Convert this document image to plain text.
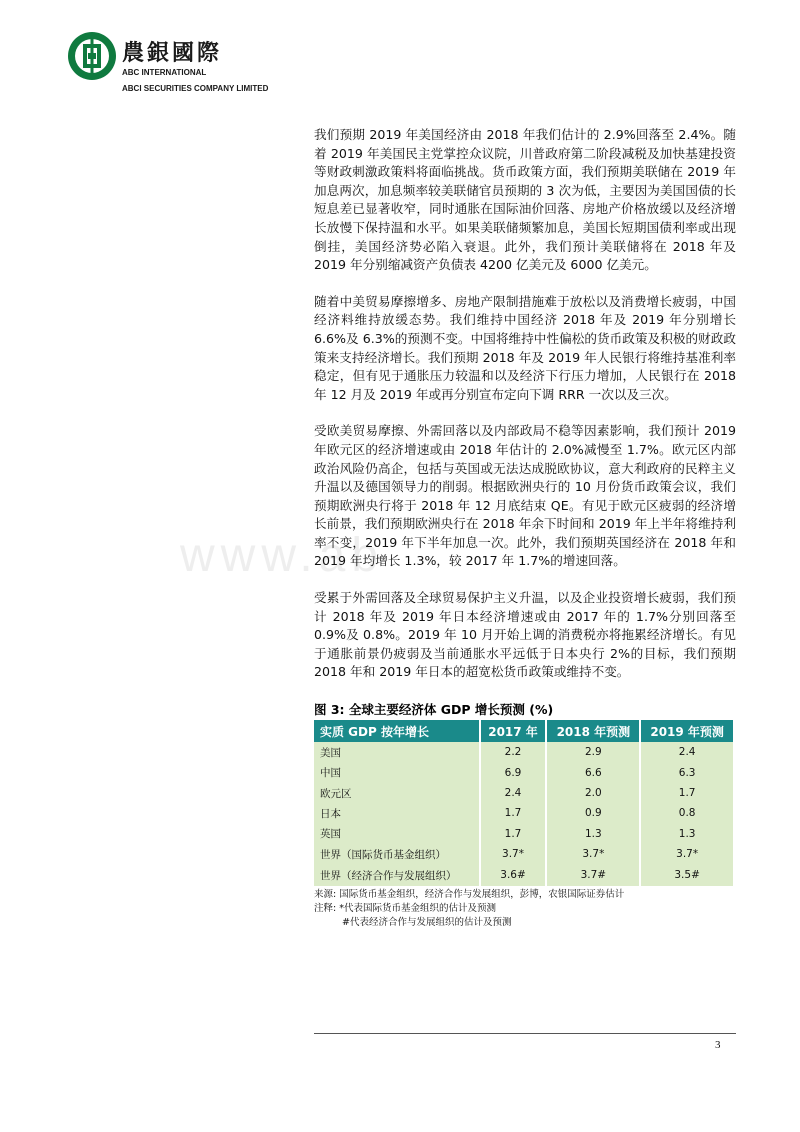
農銀國際
ABC INTERNATIONAL
ABCI SECURITIES COMPANY LIMITED
www.ab

我们预期 2019 年美国经济由 2018 年我们估计的 2.9%回落至 2.4%。随着 2019 年美国民主党掌控众议院，川普政府第二阶段减税及加快基建投资等财政刺激政策料将面临挑战。货币政策方面，我们预期美联储在 2019 年加息两次，加息频率较美联储官员预期的 3 次为低，主要因为美国国债的长短息差已显著收窄，同时通胀在国际油价回落、房地产价格放缓以及经济增长放慢下保持温和水平。如果美联储频繁加息，美国长短期国债利率或出现倒挂，美国经济势必陷入衰退。此外，我们预计美联储将在 2018 年及 2019 年分别缩减资产负债表 4200 亿美元及 6000 亿美元。

随着中美贸易摩擦增多、房地产限制措施难于放松以及消费增长疲弱，中国经济料维持放缓态势。我们维持中国经济 2018 年及 2019 年分别增长 6.6%及 6.3%的预测不变。中国将维持中性偏松的货币政策及积极的财政政策来支持经济增长。我们预期 2018 年及 2019 年人民银行将维持基准利率稳定，但有见于通胀压力较温和以及经济下行压力增加，人民银行在 2018 年 12 月及 2019 年或再分别宣布定向下调 RRR 一次以及三次。

受欧美贸易摩擦、外需回落以及内部政局不稳等因素影响，我们预计 2019 年欧元区的经济增速或由 2018 年估计的 2.0%减慢至 1.7%。欧元区内部政治风险仍高企，包括与英国或无法达成脱欧协议，意大利政府的民粹主义升温以及德国领导力的削弱。根据欧洲央行的 10 月份货币政策会议，我们预期欧洲央行将于 2018 年 12 月底结束 QE。有见于欧元区疲弱的经济增长前景，我们预期欧洲央行在 2018 年余下时间和 2019 年上半年将维持利率不变，2019 年下半年加息一次。此外，我们预期英国经济在 2018 年和 2019 年均增长 1.3%，较 2017 年 1.7%的增速回落。

受累于外需回落及全球贸易保护主义升温，以及企业投资增长疲弱，我们预计 2018 年及 2019 年日本经济增速或由 2017 年的 1.7%分别回落至 0.9%及 0.8%。2019 年 10 月开始上调的消费税亦将拖累经济增长。有见于通胀前景仍疲弱及当前通胀水平远低于日本央行 2%的目标，我们预期 2018 年和 2019 年日本的超宽松货币政策或维持不变。

图 3: 全球主要经济体 GDP 增长预测 (%)
实质 GDP 按年增长	2017 年	2018 年预测	2019 年预测
美国	2.2	2.9	2.4
中国	6.9	6.6	6.3
欧元区	2.4	2.0	1.7
日本	1.7	0.9	0.8
英国	1.7	1.3	1.3
世界（国际货币基金组织）	3.7*	3.7*	3.7*
世界（经济合作与发展组织）	3.6#	3.7#	3.5#
来源: 国际货币基金组织，经济合作与发展组织，彭博，农银国际证券估计
注释: *代表国际货币基金组织的估计及预测
#代表经济合作与发展组织的估计及预测
3
